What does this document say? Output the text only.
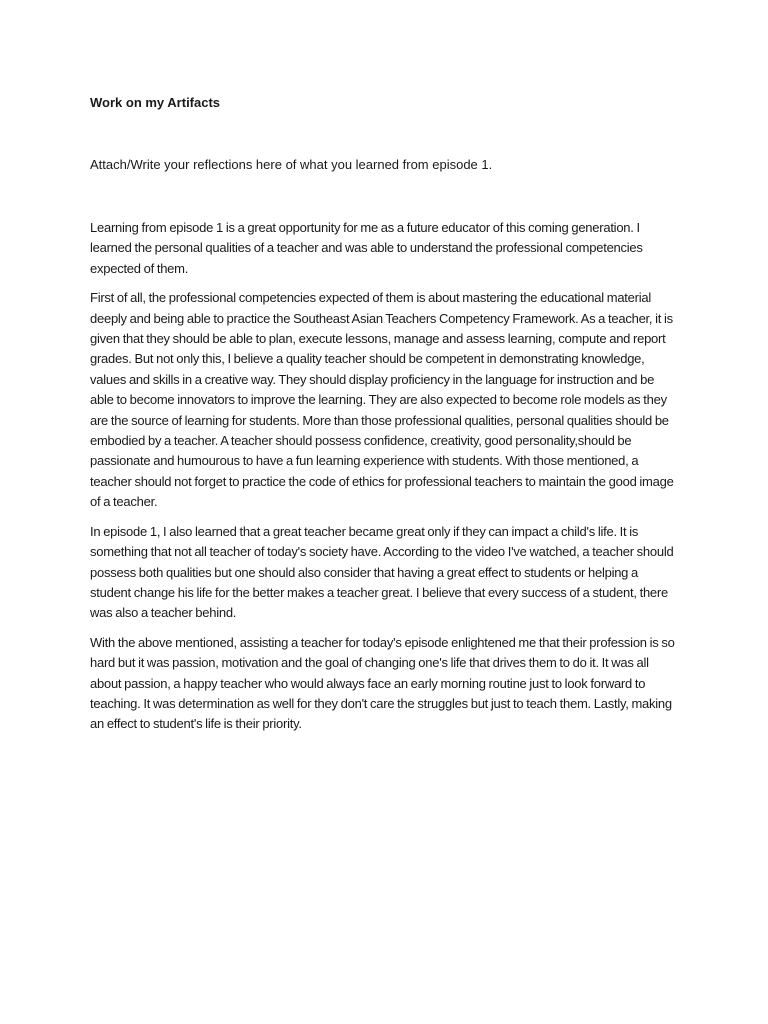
Work on my Artifacts

Attach/Write your reflections here of what you learned from episode 1.

Learning from episode 1 is a great opportunity for me as a future educator of this coming generation. I learned the personal qualities of a teacher and was able to understand the professional competencies expected of them.

First of all, the professional competencies expected of them is about mastering the educational material deeply and being able to practice the Southeast Asian Teachers Competency Framework. As a teacher, it is given that they should be able to plan, execute lessons, manage and assess learning, compute and report grades. But not only this, I believe a quality teacher should be competent in demonstrating knowledge, values and skills in a creative way. They should display proficiency in the language for instruction and be able to become innovators to improve the learning. They are also expected to become role models as they are the source of learning for students. More than those professional qualities, personal qualities should be embodied by a teacher. A teacher should possess confidence, creativity, good personality,should be passionate and humourous to have a fun learning experience with students. With those mentioned, a teacher should not forget to practice the code of ethics for professional teachers to maintain the good image of a teacher.

In episode 1, I also learned that a great teacher became great only if they can impact a child's life. It is something that not all teacher of today's society have. According to the video I've watched, a teacher should possess both qualities but one should also consider that having a great effect to students or helping a student change his life for the better makes a teacher great. I believe that every success of a student, there was also a teacher behind.

With the above mentioned, assisting a teacher for today's episode enlightened me that their profession is so hard but it was passion, motivation and the goal of changing one's life that drives them to do it. It was all about passion, a happy teacher who would always face an early morning routine just to look forward to teaching. It was determination as well for they don't care the struggles but just to teach them. Lastly, making an effect to student's life is their priority.
